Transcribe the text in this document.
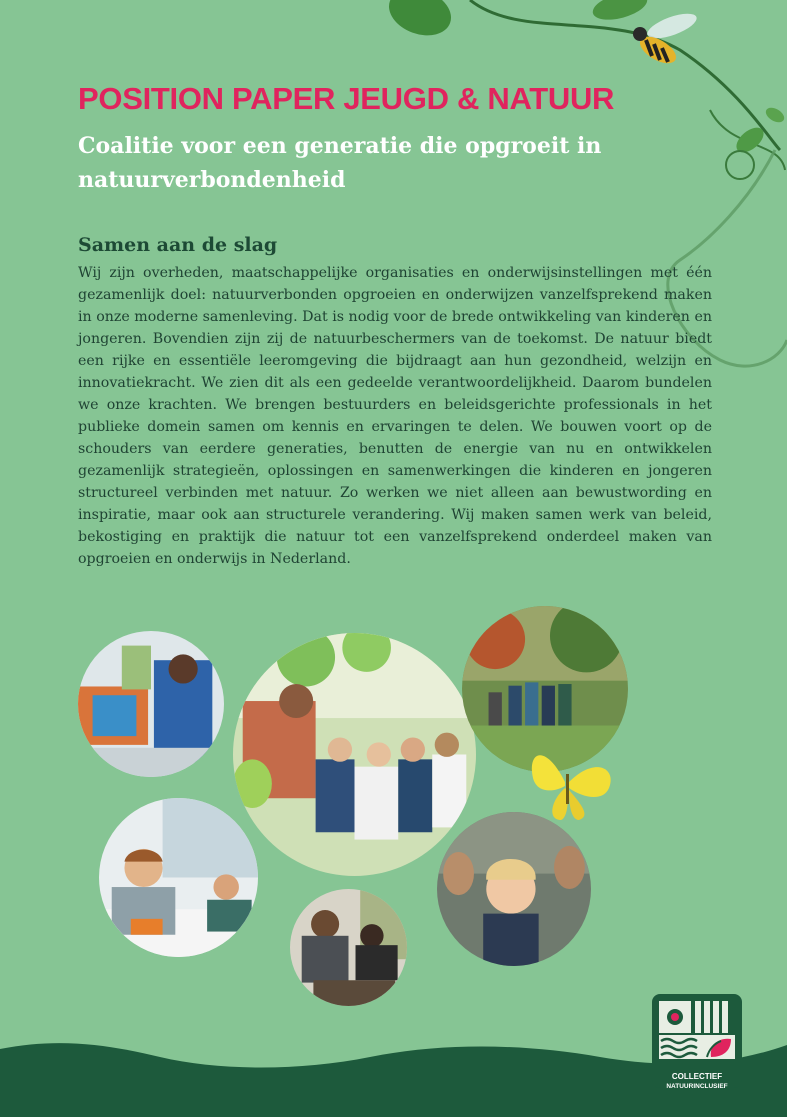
POSITION PAPER JEUGD & NATUUR
Coalitie voor een generatie die opgroeit in natuurverbondenheid
Samen aan de slag

Wij zijn overheden, maatschappelijke organisaties en onderwijsinstellingen met één gezamenlijk doel: natuurverbonden opgroeien en onderwijzen vanzelfsprekend maken in onze moderne samenleving. Dat is nodig voor de brede ontwikkeling van kinderen en jongeren. Bovendien zijn zij de natuurbeschermers van de toekomst. De natuur biedt een rijke en essentiële leeromgeving die bijdraagt aan hun gezondheid, welzijn en innovatiekracht. We zien dit als een gedeelde verantwoordelijkheid. Daarom bundelen we onze krachten. We brengen bestuurders en beleidsgerichte professionals in het publieke domein samen om kennis en ervaringen te delen. We bouwen voort op de schouders van eerdere generaties, benutten de energie van nu en ontwikkelen gezamenlijk strategieën, oplossingen en samenwerkingen die kinderen en jongeren structureel verbinden met natuur. Zo werken we niet alleen aan bewustwording en inspiratie, maar ook aan structurele verandering. Wij maken samen werk van beleid, bekostiging en praktijk die natuur tot een vanzelfsprekend onderdeel maken van opgroeien en onderwijs in Nederland.

COLLECTIEF
NATUURINCLUSIEF
